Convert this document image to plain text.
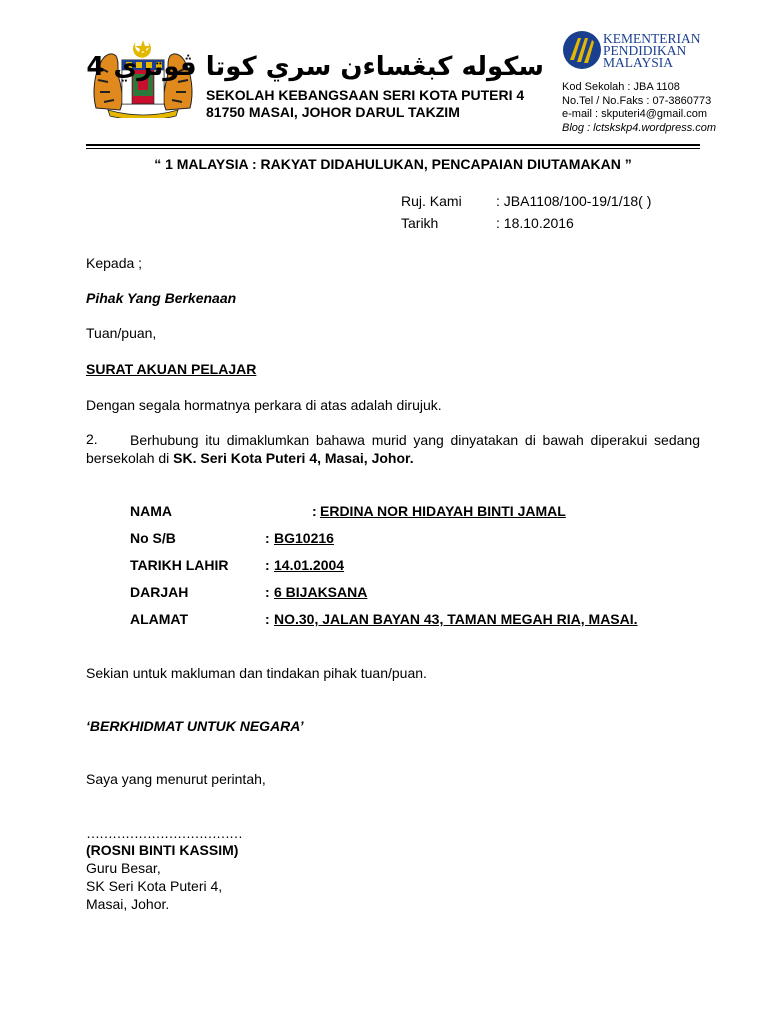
سكوله كبڠساءن سري كوتا ڤوتري 4
SEKOLAH KEBANGSAAN SERI KOTA PUTERI 4
81750 MASAI, JOHOR DARUL TAKZIM
KEMENTERIAN
PENDIDIKAN
MALAYSIA
Kod Sekolah : JBA 1108
No.Tel / No.Faks : 07-3860773
e-mail : skputeri4@gmail.com
Blog : lctskskp4.wordpress.com
“ 1 MALAYSIA : RAKYAT DIDAHULUKAN, PENCAPAIAN DIUTAMAKAN ”
Ruj. Kami : JBA1108/100-19/1/18( )
Tarikh	: 18.10.2016
Kepada ;
Pihak Yang Berkenaan
Tuan/puan,
SURAT AKUAN PELAJAR
Dengan segala hormatnya perkara di atas adalah dirujuk.
2.	Berhubung itu dimaklumkan bahawa murid yang dinyatakan di bawah diperakui sedang bersekolah di SK. Seri Kota Puteri 4, Masai, Johor.
NAMA	: ERDINA NOR HIDAYAH BINTI JAMAL
No S/B	: BG10216
TARIKH LAHIR	: 14.01.2004
DARJAH	: 6 BIJAKSANA
ALAMAT	: NO.30, JALAN BAYAN 43, TAMAN MEGAH RIA, MASAI.
Sekian untuk makluman dan tindakan pihak tuan/puan.
‘BERKHIDMAT UNTUK NEGARA’
Saya yang menurut perintah,
………………………………
(ROSNI BINTI KASSIM)
Guru Besar,
SK Seri Kota Puteri 4,
Masai, Johor.
